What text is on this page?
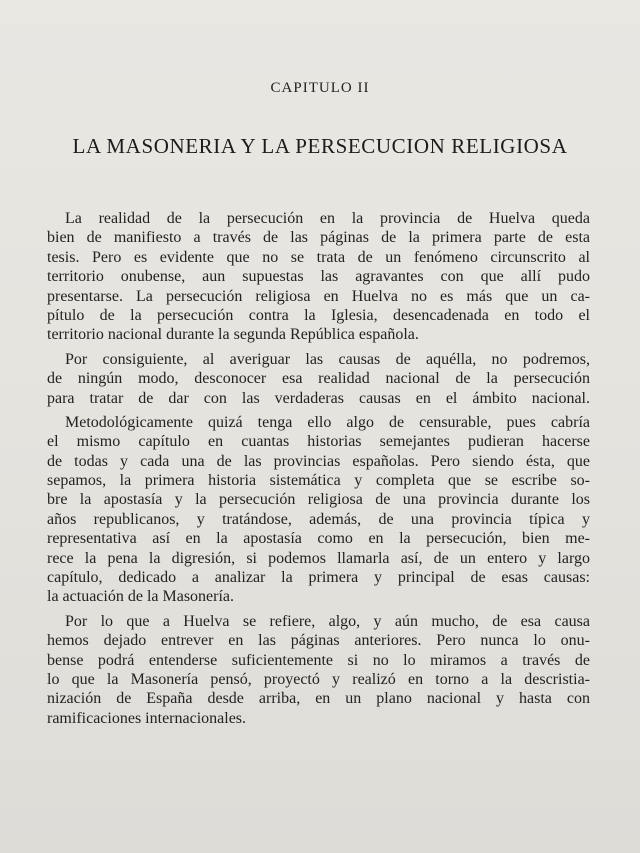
CAPITULO II
LA MASONERIA Y LA PERSECUCION RELIGIOSA
La realidad de la persecución en la provincia de Huelva queda
bien de manifiesto a través de las páginas de la primera parte de esta
tesis. Pero es evidente que no se trata de un fenómeno circunscrito al
territorio onubense, aun supuestas las agravantes con que allí pudo
presentarse. La persecución religiosa en Huelva no es más que un ca-
pítulo de la persecución contra la Iglesia, desencadenada en todo el
territorio nacional durante la segunda República española.
Por consiguiente, al averiguar las causas de aquélla, no podremos,
de ningún modo, desconocer esa realidad nacional de la persecución
para tratar de dar con las verdaderas causas en el ámbito nacional.
Metodológicamente quizá tenga ello algo de censurable, pues cabría
el mismo capítulo en cuantas historias semejantes pudieran hacerse
de todas y cada una de las provincias españolas. Pero siendo ésta, que
sepamos, la primera historia sistemática y completa que se escribe so-
bre la apostasía y la persecución religiosa de una provincia durante los
años republicanos, y tratándose, además, de una provincia típica y
representativa así en la apostasía como en la persecución, bien me-
rece la pena la digresión, si podemos llamarla así, de un entero y largo
capítulo, dedicado a analizar la primera y principal de esas causas:
la actuación de la Masonería.
Por lo que a Huelva se refiere, algo, y aún mucho, de esa causa
hemos dejado entrever en las páginas anteriores. Pero nunca lo onu-
bense podrá entenderse suficientemente si no lo miramos a través de
lo que la Masonería pensó, proyectó y realizó en torno a la descristia-
nización de España desde arriba, en un plano nacional y hasta con
ramificaciones internacionales.
